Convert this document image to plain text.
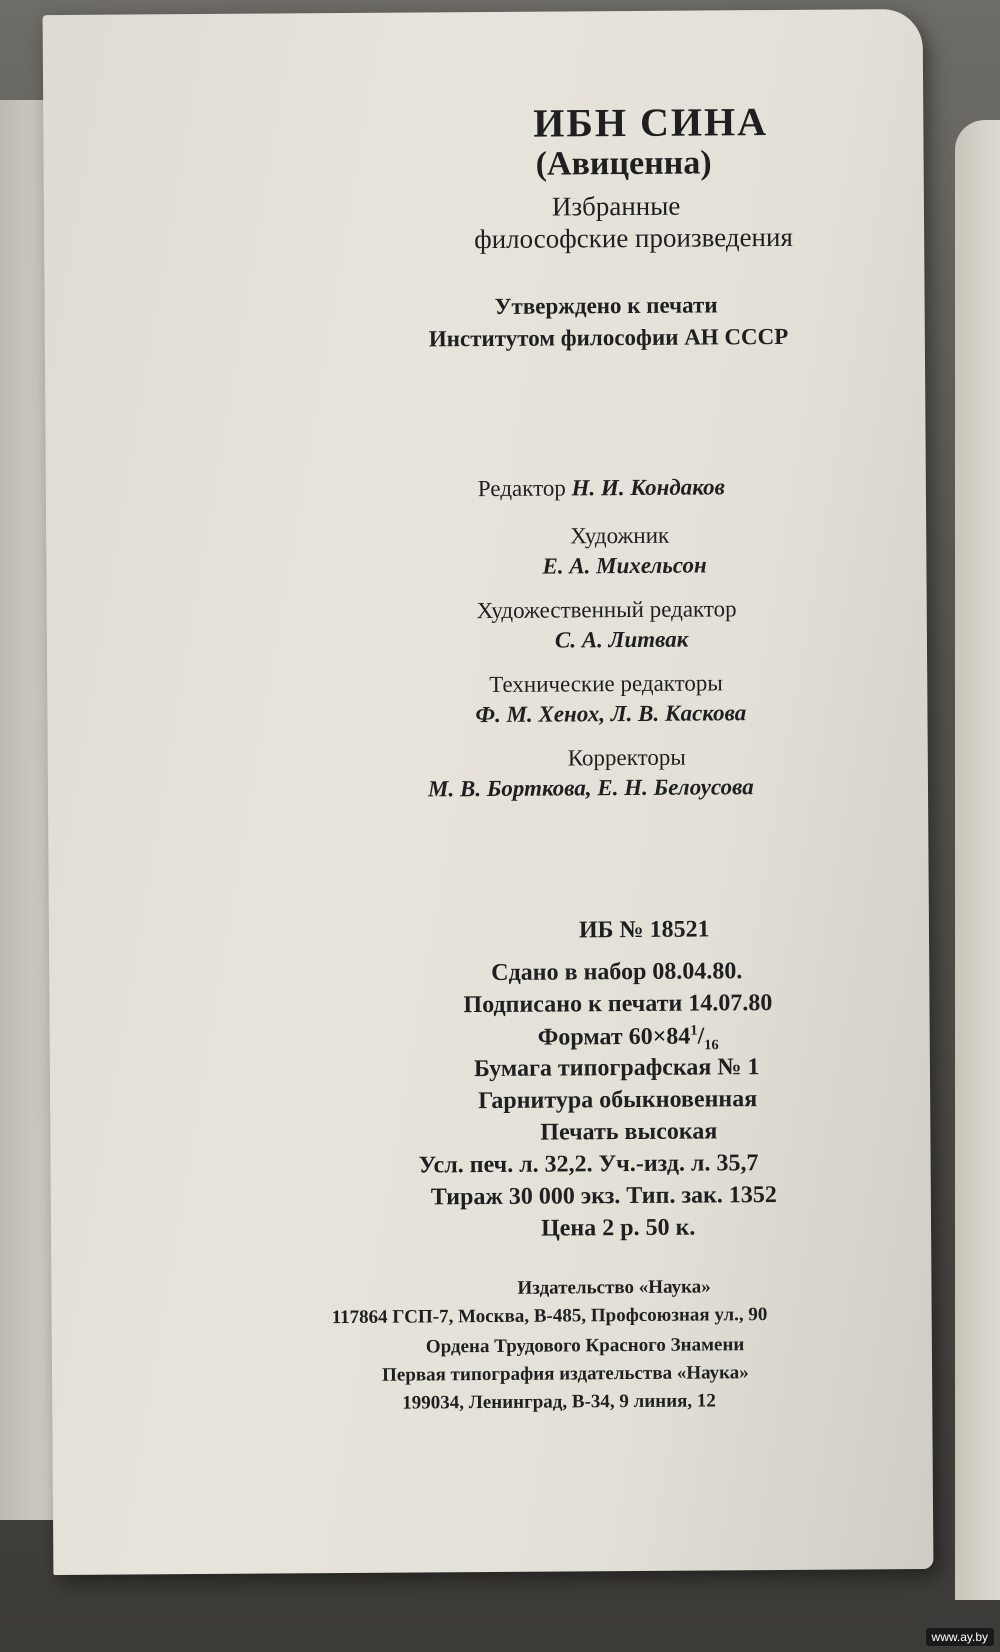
ИБН СИНА
(Авиценна)
Избранные
философские произведения
Утверждено к печати
Институтом философии АН СССР
Редактор Н. И. Кондаков
Художник
Е. А. Михельсон
Художественный редактор
С. А. Литвак
Технические редакторы
Ф. М. Хенох, Л. В. Каскова
Корректоры
М. В. Борткова, Е. Н. Белоусова
ИБ № 18521
Сдано в набор 08.04.80.
Подписано к печати 14.07.80
Формат $60\times 84^1/_{16}$
Бумага типографская № 1
Гарнитура обыкновенная
Печать высокая
Усл. печ. л. 32,2. Уч.-изд. л. 35,7
Тираж 30 000 экз. Тип. зак. 1352
Цена 2 р. 50 к.
Издательство «Наука»
117864 ГСП-7, Москва, В-485, Профсоюзная ул., 90
Ордена Трудового Красного Знамени
Первая типография издательства «Наука»
199034, Ленинград, В-34, 9 линия, 12
www.ay.by
